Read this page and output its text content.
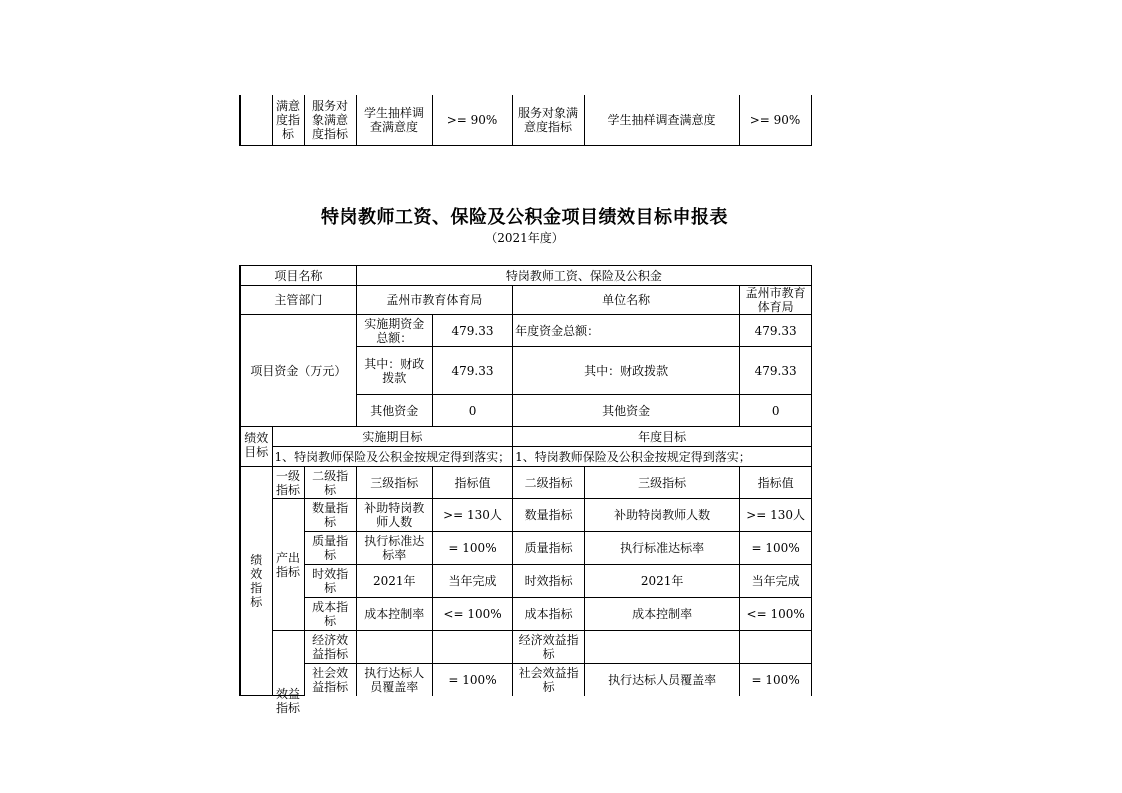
	满意度指标	服务对象满意度指标	学生抽样调查满意度	>= 90%	服务对象满意度指标	学生抽样调查满意度	>= 90%
特岗教师工资、保险及公积金项目绩效目标申报表
（2021年度）
项目名称			特岗教师工资、保险及公积金				
主管部门			孟州市教育体育局		单位名称		孟州市教育体育局
项目资金（万元）			实施期资金总额：	479.33	年度资金总额：		479.33
			其中：财政拨款	479.33	其中：财政拨款		479.33
			其他资金	0	其他资金		0

绩效目标	实施期目标				年度目标		

	1、特岗教师保险及公积金按规定得到落实；				1、特岗教师保险及公积金按规定得到落实；		

绩效指标	一级指标	二级指标	三级指标	指标值	二级指标	三级指标	指标值
	产出指标	数量指标	补助特岗教师人数	>= 130人	数量指标	补助特岗教师人数	>= 130人
		质量指标	执行标准达标率	= 100%	质量指标	执行标准达标率	= 100%
		时效指标	2021年	当年完成	时效指标	2021年	当年完成
		成本指标	成本控制率	<= 100%	成本指标	成本控制率	<= 100%

	效益指标	经济效益指标			经济效益指标		
		社会效益指标	执行达标人员覆盖率	= 100%	社会效益指标	执行达标人员覆盖率	= 100%
